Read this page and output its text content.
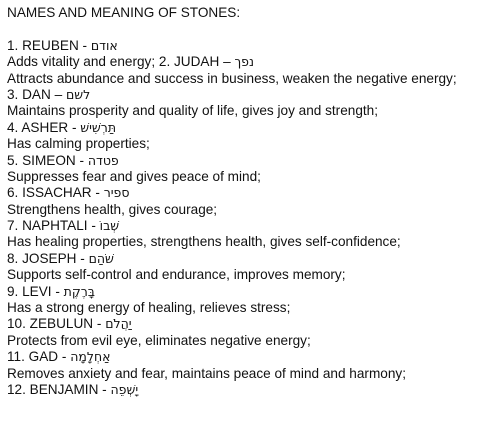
NAMES AND MEANING OF STONES:
1. REUBEN - אודם
Adds vitality and energy; 2. JUDAH – נפך
Attracts abundance and success in business, weaken the negative energy;
3. DAN – לשם
Maintains prosperity and quality of life, gives joy and strength;
4. ASHER - תַּרְשִׁישׁ
Has calming properties;
5. SIMEON - פטדה
Suppresses fear and gives peace of mind;
6. ISSACHAR - ספיר
Strengthens health, gives courage;
7. NAPHTALI - שְׁבוֹ
Has healing properties, strengthens health, gives self-confidence;
8. JOSEPH - שֹׁהַם
Supports self-control and endurance, improves memory;
9. LEVI - בָּרֶקֶת
Has a strong energy of healing, relieves stress;
10. ZEBULUN - יַהֲלֹם
Protects from evil eye, eliminates negative energy;
11. GAD - אַחְלָמָה
Removes anxiety and fear, maintains peace of mind and harmony;
12. BENJAMIN - יָשְׁפֵה
